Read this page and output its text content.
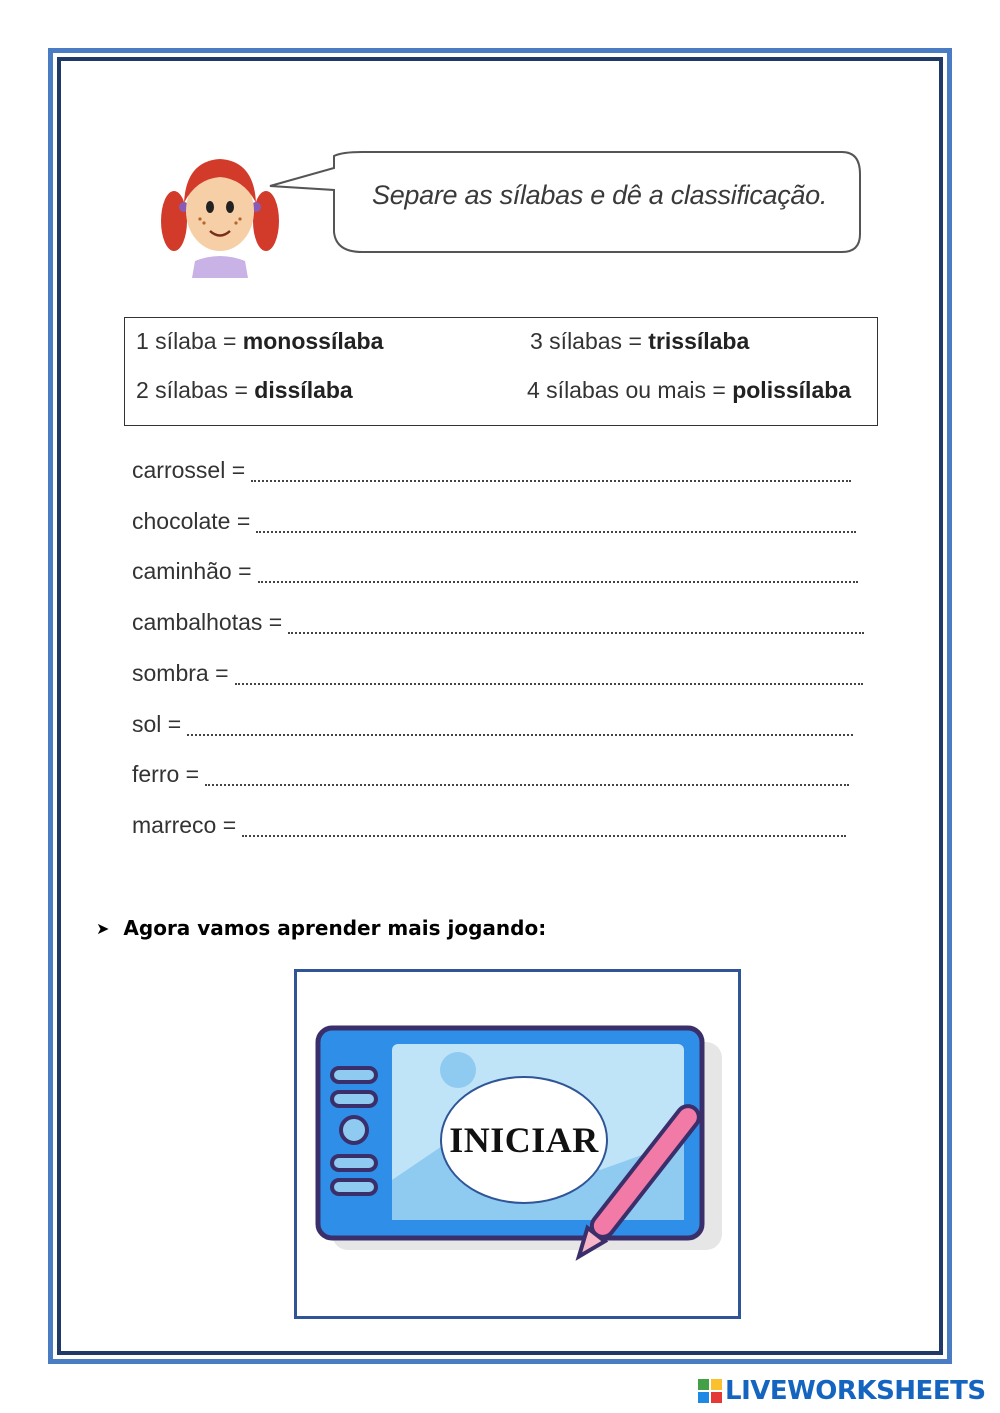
Separe as sílabas e dê a classificação.
1 sílaba = monossílaba	3 sílabas = trissílaba
2 sílabas = dissílaba	4 sílabas ou mais = polissílaba
carrossel =
chocolate =
caminhão =
cambalhotas =
sombra =
sol =
ferro =
marreco =
➤ Agora vamos aprender mais jogando:
INICIAR
LIVEWORKSHEETS
